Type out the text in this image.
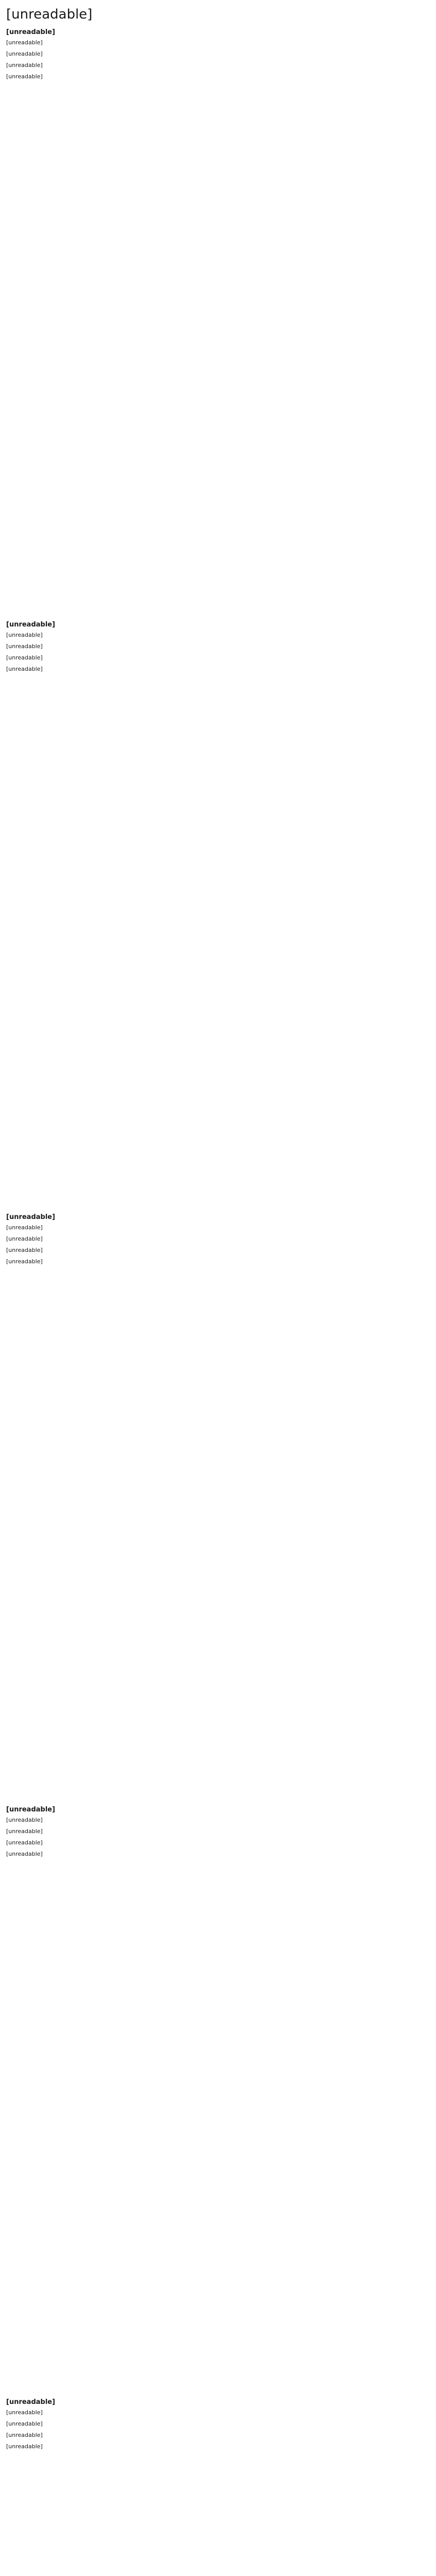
[unreadable]
[unreadable]

[unreadable]

[unreadable]

[unreadable]

[unreadable]

[unreadable]

[unreadable]

[unreadable]

[unreadable]

[unreadable]

[unreadable]

[unreadable]

[unreadable]

[unreadable]

[unreadable]

[unreadable]

[unreadable]

[unreadable]

[unreadable]

[unreadable]

[unreadable]

[unreadable]

[unreadable]

[unreadable]

[unreadable]
